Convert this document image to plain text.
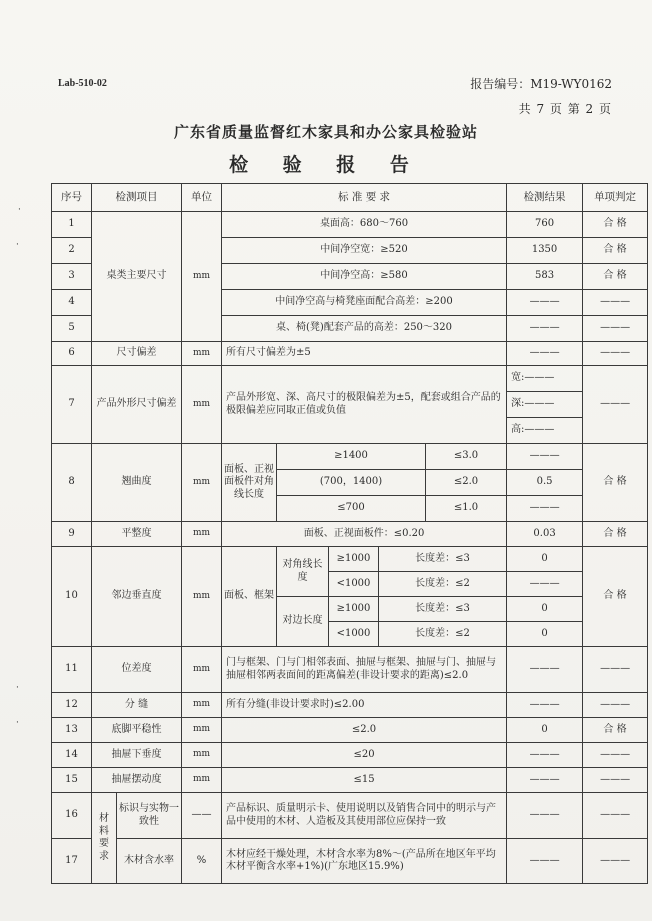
Lab-510-02	报告编号：M19-WY0162
共 7 页 第 2 页
广东省质量监督红木家具和办公家具检验站
检 验 报 告
·
·
·
·
序号	检测项目		单位	标 准 要 求					检测结果	单项判定
1	桌类主要尺寸		mm	桌面高：680～760					760	合 格
2				中间净空宽：≥520					1350	合 格
3				中间净空高：≥580					583	合 格
4				中间净空高与椅凳座面配合高差：≥200					———	———
5				桌、椅(凳)配套产品的高差：250～320					———	———
6	尺寸偏差		mm	所有尺寸偏差为±5					———	———
7	产品外形尺寸偏差		mm	产品外形宽、深、高尺寸的极限偏差为±5，配套或组合产品的极限偏差应同取正值或负值					宽:———	———
									深:———	
									高:———	
8	翘曲度		mm	面板、正视面板件对角线长度	≥1400			≤3.0	———	合 格
					(700，1400)			≤2.0	0.5	
					≤700			≤1.0	———	
9	平整度		mm	面板、正视面板件：≤0.20					0.03	合 格
10	邻边垂直度		mm	面板、框架	对角线长度	≥1000	长度差：≤3		0	合 格
						<1000	长度差：≤2		———	
					对边长度	≥1000	长度差：≤3		0	
						<1000	长度差：≤2		0	
11	位差度		mm	门与框架、门与门相邻表面、抽屉与框架、抽屉与门、抽屉与抽屉相邻两表面间的距离偏差(非设计要求的距离)≤2.0					———	———
12	分 缝		mm	所有分缝(非设计要求时)≤2.00					———	———
13	底脚平稳性		mm	≤2.0					0	合 格
14	抽屉下垂度		mm	≤20					———	———
15	抽屉摆动度		mm	≤15					———	———
16	材料要求	标识与实物一致性	——	产品标识、质量明示卡、使用说明以及销售合同中的明示与产品中使用的木材、人造板及其使用部位应保持一致					———	———
17		木材含水率	%	木材应经干燥处理，木材含水率为8%～(产品所在地区年平均木材平衡含水率+1%)(广东地区15.9%)					———	———
